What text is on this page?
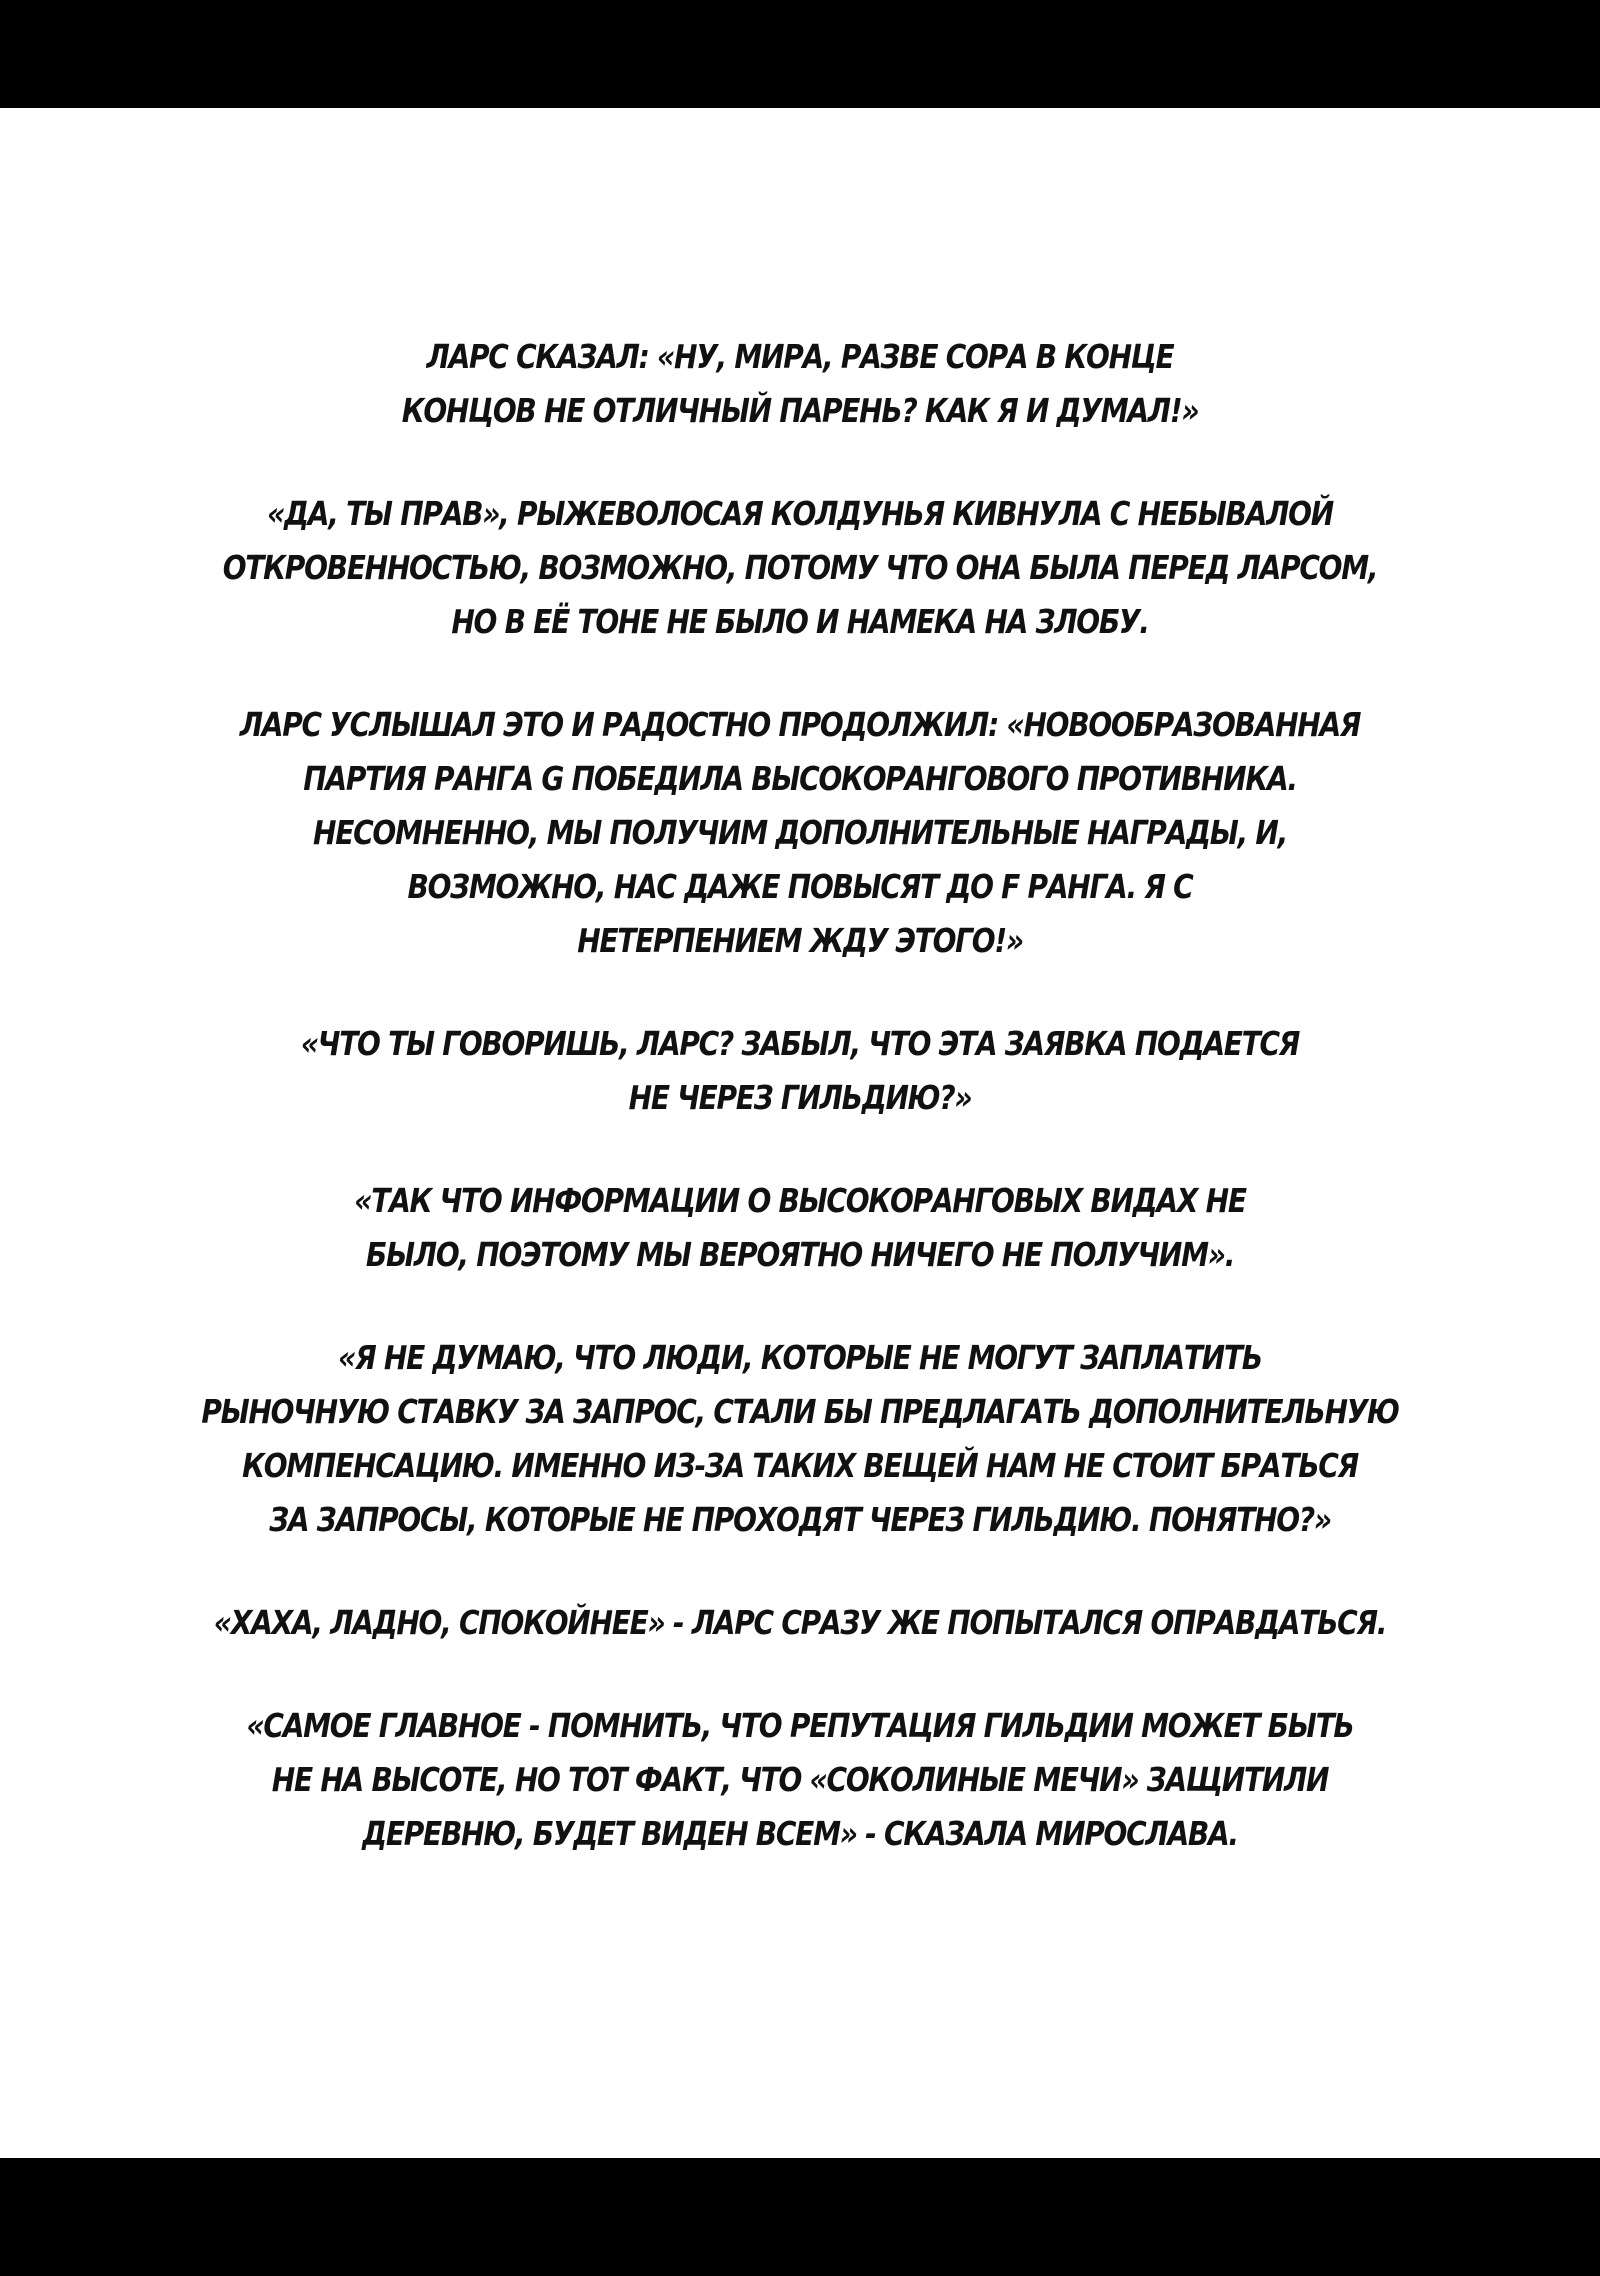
ЛАРС СКАЗАЛ: «НУ, МИРА, РАЗВЕ СОРА В КОНЦЕ
КОНЦОВ НЕ ОТЛИЧНЫЙ ПАРЕНЬ? КАК Я И ДУМАЛ!»

«ДА, ТЫ ПРАВ», РЫЖЕВОЛОСАЯ КОЛДУНЬЯ КИВНУЛА С НЕБЫВАЛОЙ
ОТКРОВЕННОСТЬЮ, ВОЗМОЖНО, ПОТОМУ ЧТО ОНА БЫЛА ПЕРЕД ЛАРСОМ,
НО В ЕЁ ТОНЕ НЕ БЫЛО И НАМЕКА НА ЗЛОБУ.

ЛАРС УСЛЫШАЛ ЭТО И РАДОСТНО ПРОДОЛЖИЛ: «НОВООБРАЗОВАННАЯ
ПАРТИЯ РАНГА G ПОБЕДИЛА ВЫСОКОРАНГОВОГО ПРОТИВНИКА.
НЕСОМНЕННО, МЫ ПОЛУЧИМ ДОПОЛНИТЕЛЬНЫЕ НАГРАДЫ, И,
ВОЗМОЖНО, НАС ДАЖЕ ПОВЫСЯТ ДО F РАНГА. Я С
НЕТЕРПЕНИЕМ ЖДУ ЭТОГО!»

«ЧТО ТЫ ГОВОРИШЬ, ЛАРС? ЗАБЫЛ, ЧТО ЭТА ЗАЯВКА ПОДАЕТСЯ
НЕ ЧЕРЕЗ ГИЛЬДИЮ?»

«ТАК ЧТО ИНФОРМАЦИИ О ВЫСОКОРАНГОВЫХ ВИДАХ НЕ
БЫЛО, ПОЭТОМУ МЫ ВЕРОЯТНО НИЧЕГО НЕ ПОЛУЧИМ».

«Я НЕ ДУМАЮ, ЧТО ЛЮДИ, КОТОРЫЕ НЕ МОГУТ ЗАПЛАТИТЬ
РЫНОЧНУЮ СТАВКУ ЗА ЗАПРОС, СТАЛИ БЫ ПРЕДЛАГАТЬ ДОПОЛНИТЕЛЬНУЮ
КОМПЕНСАЦИЮ. ИМЕННО ИЗ-ЗА ТАКИХ ВЕЩЕЙ НАМ НЕ СТОИТ БРАТЬСЯ
ЗА ЗАПРОСЫ, КОТОРЫЕ НЕ ПРОХОДЯТ ЧЕРЕЗ ГИЛЬДИЮ. ПОНЯТНО?»

«ХАХА, ЛАДНО, СПОКОЙНЕЕ» - ЛАРС СРАЗУ ЖЕ ПОПЫТАЛСЯ ОПРАВДАТЬСЯ.

«САМОЕ ГЛАВНОЕ - ПОМНИТЬ, ЧТО РЕПУТАЦИЯ ГИЛЬДИИ МОЖЕТ БЫТЬ
НЕ НА ВЫСОТЕ, НО ТОТ ФАКТ, ЧТО «СОКОЛИНЫЕ МЕЧИ» ЗАЩИТИЛИ
ДЕРЕВНЮ, БУДЕТ ВИДЕН ВСЕМ» - СКАЗАЛА МИРОСЛАВА.
